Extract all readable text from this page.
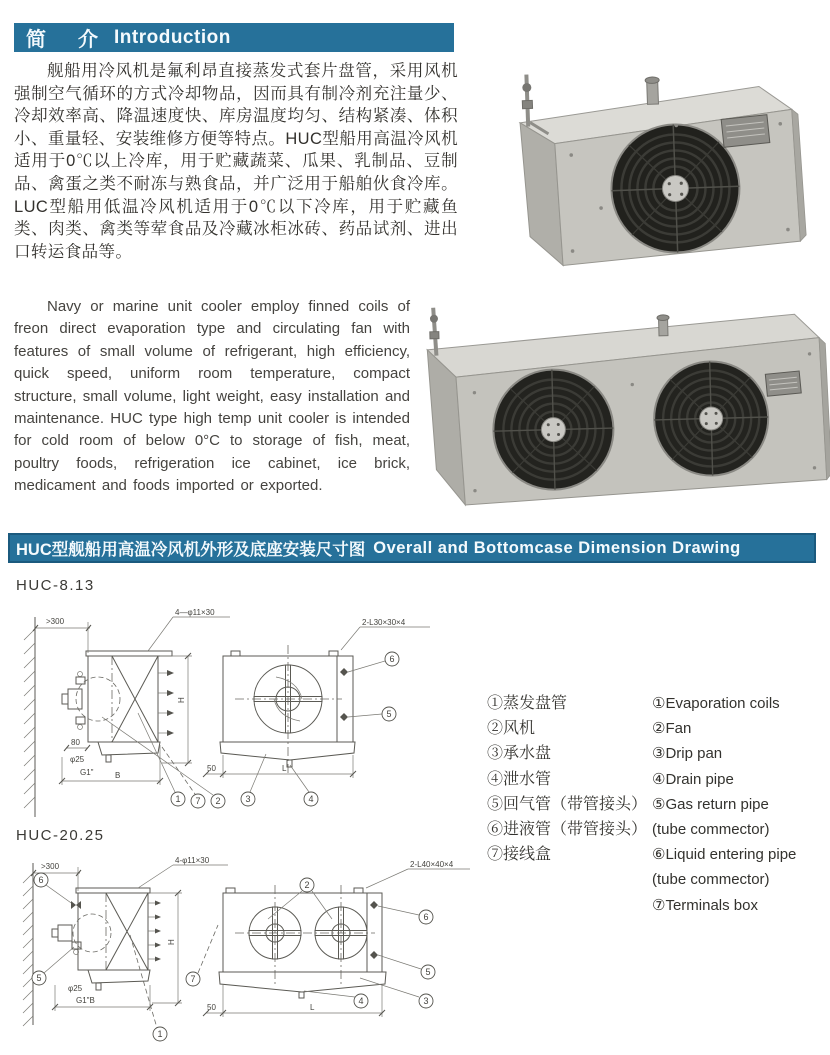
简　介 Introduction

舰船用冷风机是氟利昂直接蒸发式套片盘管，采用风机强制空气循环的方式冷却物品，因而具有制冷剂充注量少、冷却效率高、降温速度快、库房温度均匀、结构紧凑、体积小、重量轻、安装维修方便等特点。HUC型船用高温冷风机适用于0℃以上冷库，用于贮藏蔬菜、瓜果、乳制品、豆制品、禽蛋之类不耐冻与熟食品，并广泛用于船舶伙食冷库。LUC型船用低温冷风机适用于0℃以下冷库，用于贮藏鱼类、肉类、禽类等荤食品及冷藏冰柜冰砖、药品试剂、进出口转运食品等。

Navy or marine unit cooler employ finned coils of freon direct evaporation type and circulating fan with features of small volume of refrigerant, high efficiency, quick speed, uniform room temperature, compact structure, small volume, light weight, easy installation and maintenance. HUC type high temp unit cooler is intended for cold room of below 0°C to storage of fish, meat, poultry foods, refrigeration ice cabinet, ice brick, medicament and foods imported or exported.

HUC型舰船用高温冷风机外形及底座安装尺寸图 Overall and Bottomcase Dimension Drawing
HUC-8.13
>300
4—φ11×30
H
80
φ25
G1"	B
1 7 2
2-L30×30×4
6
5
3	4
L
50
HUC-20.25
>300
6
5
4-φ11×30
H
φ25
G1"B
7
1
2
2-L40×40×4
6
5
3
4
L
50
①蒸发盘管
②风机
③承水盘
④泄水管
⑤回气管（带管接头）
⑥进液管（带管接头）
⑦接线盒
①Evaporation coils
②Fan
③Drip pan
④Drain pipe
⑤Gas return pipe
(tube commector)
⑥Liquid entering pipe
(tube commector)
⑦Terminals box
